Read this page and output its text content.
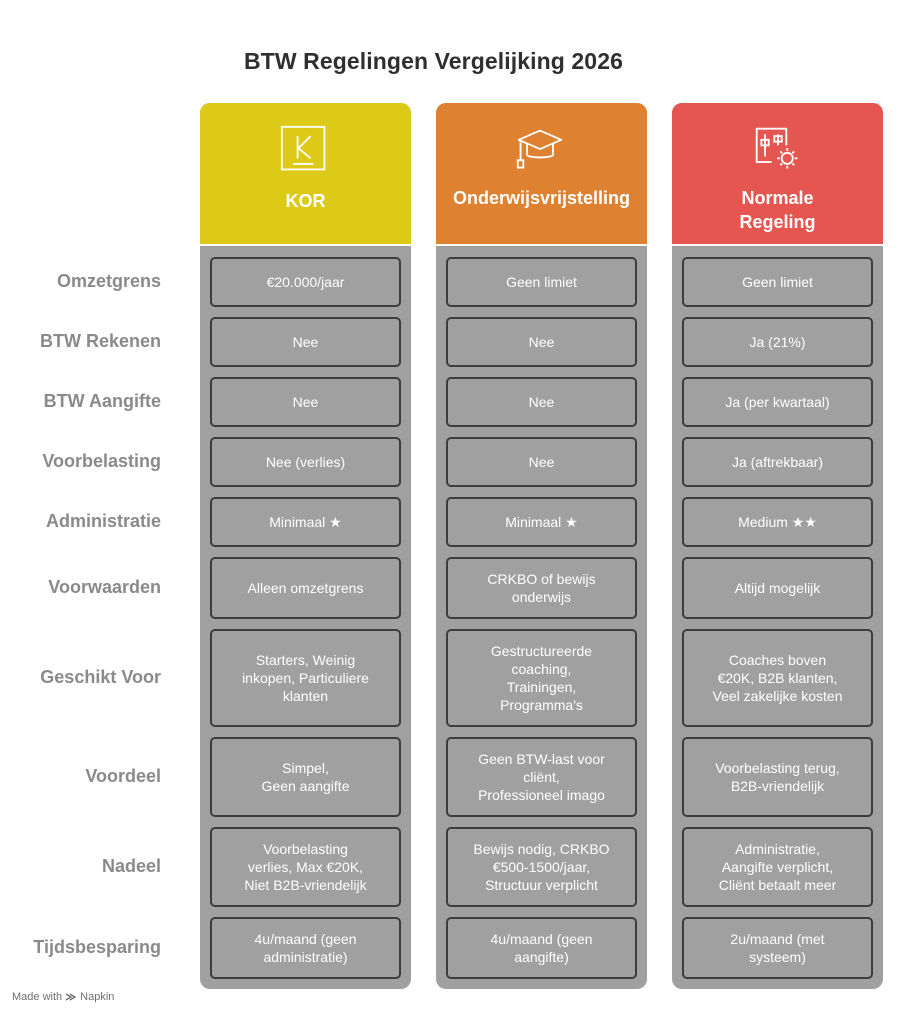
BTW Regelingen Vergelijking 2026
Omzetgrens
BTW Rekenen
BTW Aangifte
Voorbelasting
Administratie
Voorwaarden
Geschikt Voor
Voordeel
Nadeel
Tijdsbesparing
KOR
€20.000/jaar
Nee
Nee
Nee (verlies)
Minimaal ★
Alleen omzetgrens
Starters, Weinig
inkopen, Particuliere
klanten
Simpel,
Geen aangifte
Voorbelasting
verlies, Max €20K,
Niet B2B-vriendelijk
4u/maand (geen
administratie)
Onderwijsvrijstelling
Geen limiet
Nee
Nee
Nee
Minimaal ★
CRKBO of bewijs
onderwijs
Gestructureerde
coaching,
Trainingen,
Programma's
Geen BTW-last voor
cliënt,
Professioneel imago
Bewijs nodig, CRKBO
€500-1500/jaar,
Structuur verplicht
4u/maand (geen
aangifte)
Normale
Regeling
Geen limiet
Ja (21%)
Ja (per kwartaal)
Ja (aftrekbaar)
Medium ★★
Altijd mogelijk
Coaches boven
€20K, B2B klanten,
Veel zakelijke kosten
Voorbelasting terug,
B2B-vriendelijk
Administratie,
Aangifte verplicht,
Cliënt betaalt meer
2u/maand (met
systeem)
Made with Napkin
